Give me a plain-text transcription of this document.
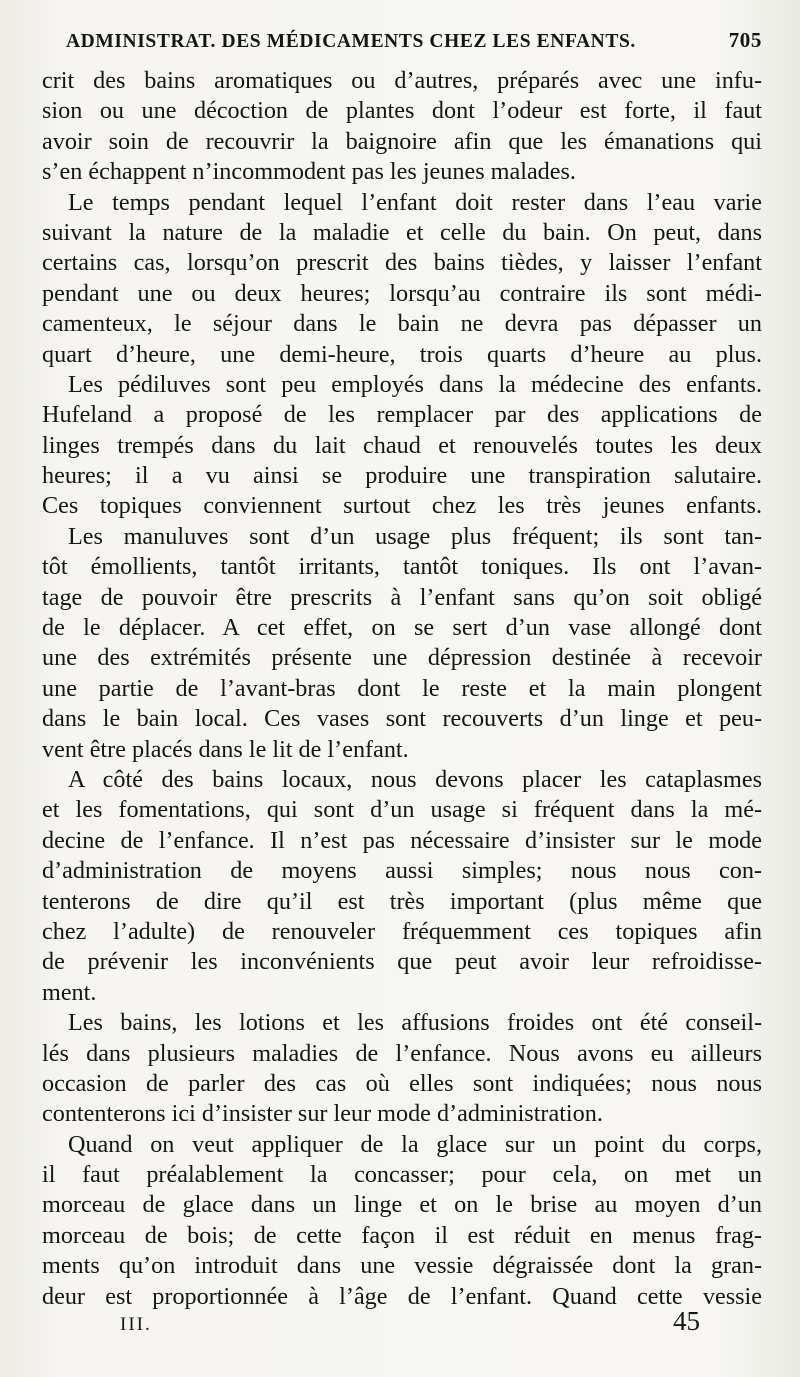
ADMINISTRAT. DES MÉDICAMENTS CHEZ LES ENFANTS.	705

crit des bains aromatiques ou d’autres, préparés avec une infu-
sion ou une décoction de plantes dont l’odeur est forte, il faut
avoir soin de recouvrir la baignoire afin que les émanations qui
s’en échappent n’incommodent pas les jeunes malades.

Le temps pendant lequel l’enfant doit rester dans l’eau varie
suivant la nature de la maladie et celle du bain. On peut, dans
certains cas, lorsqu’on prescrit des bains tièdes, y laisser l’enfant
pendant une ou deux heures; lorsqu’au contraire ils sont médi-
camenteux, le séjour dans le bain ne devra pas dépasser un
quart d’heure, une demi-heure, trois quarts d’heure au plus.

Les pédiluves sont peu employés dans la médecine des enfants.
Hufeland a proposé de les remplacer par des applications de
linges trempés dans du lait chaud et renouvelés toutes les deux
heures; il a vu ainsi se produire une transpiration salutaire.
Ces topiques conviennent surtout chez les très jeunes enfants.

Les manuluves sont d’un usage plus fréquent; ils sont tan-
tôt émollients, tantôt irritants, tantôt toniques. Ils ont l’avan-
tage de pouvoir être prescrits à l’enfant sans qu’on soit obligé
de le déplacer. A cet effet, on se sert d’un vase allongé dont
une des extrémités présente une dépression destinée à recevoir
une partie de l’avant-bras dont le reste et la main plongent
dans le bain local. Ces vases sont recouverts d’un linge et peu-
vent être placés dans le lit de l’enfant.

A côté des bains locaux, nous devons placer les cataplasmes
et les fomentations, qui sont d’un usage si fréquent dans la mé-
decine de l’enfance. Il n’est pas nécessaire d’insister sur le mode
d’administration de moyens aussi simples; nous nous con-
tenterons de dire qu’il est très important (plus même que
chez l’adulte) de renouveler fréquemment ces topiques afin
de prévenir les inconvénients que peut avoir leur refroidisse-
ment.

Les bains, les lotions et les affusions froides ont été conseil-
lés dans plusieurs maladies de l’enfance. Nous avons eu ailleurs
occasion de parler des cas où elles sont indiquées; nous nous
contenterons ici d’insister sur leur mode d’administration.

Quand on veut appliquer de la glace sur un point du corps,
il faut préalablement la concasser; pour cela, on met un
morceau de glace dans un linge et on le brise au moyen d’un
morceau de bois; de cette façon il est réduit en menus frag-
ments qu’on introduit dans une vessie dégraissée dont la gran-
deur est proportionnée à l’âge de l’enfant. Quand cette vessie

III.	45
